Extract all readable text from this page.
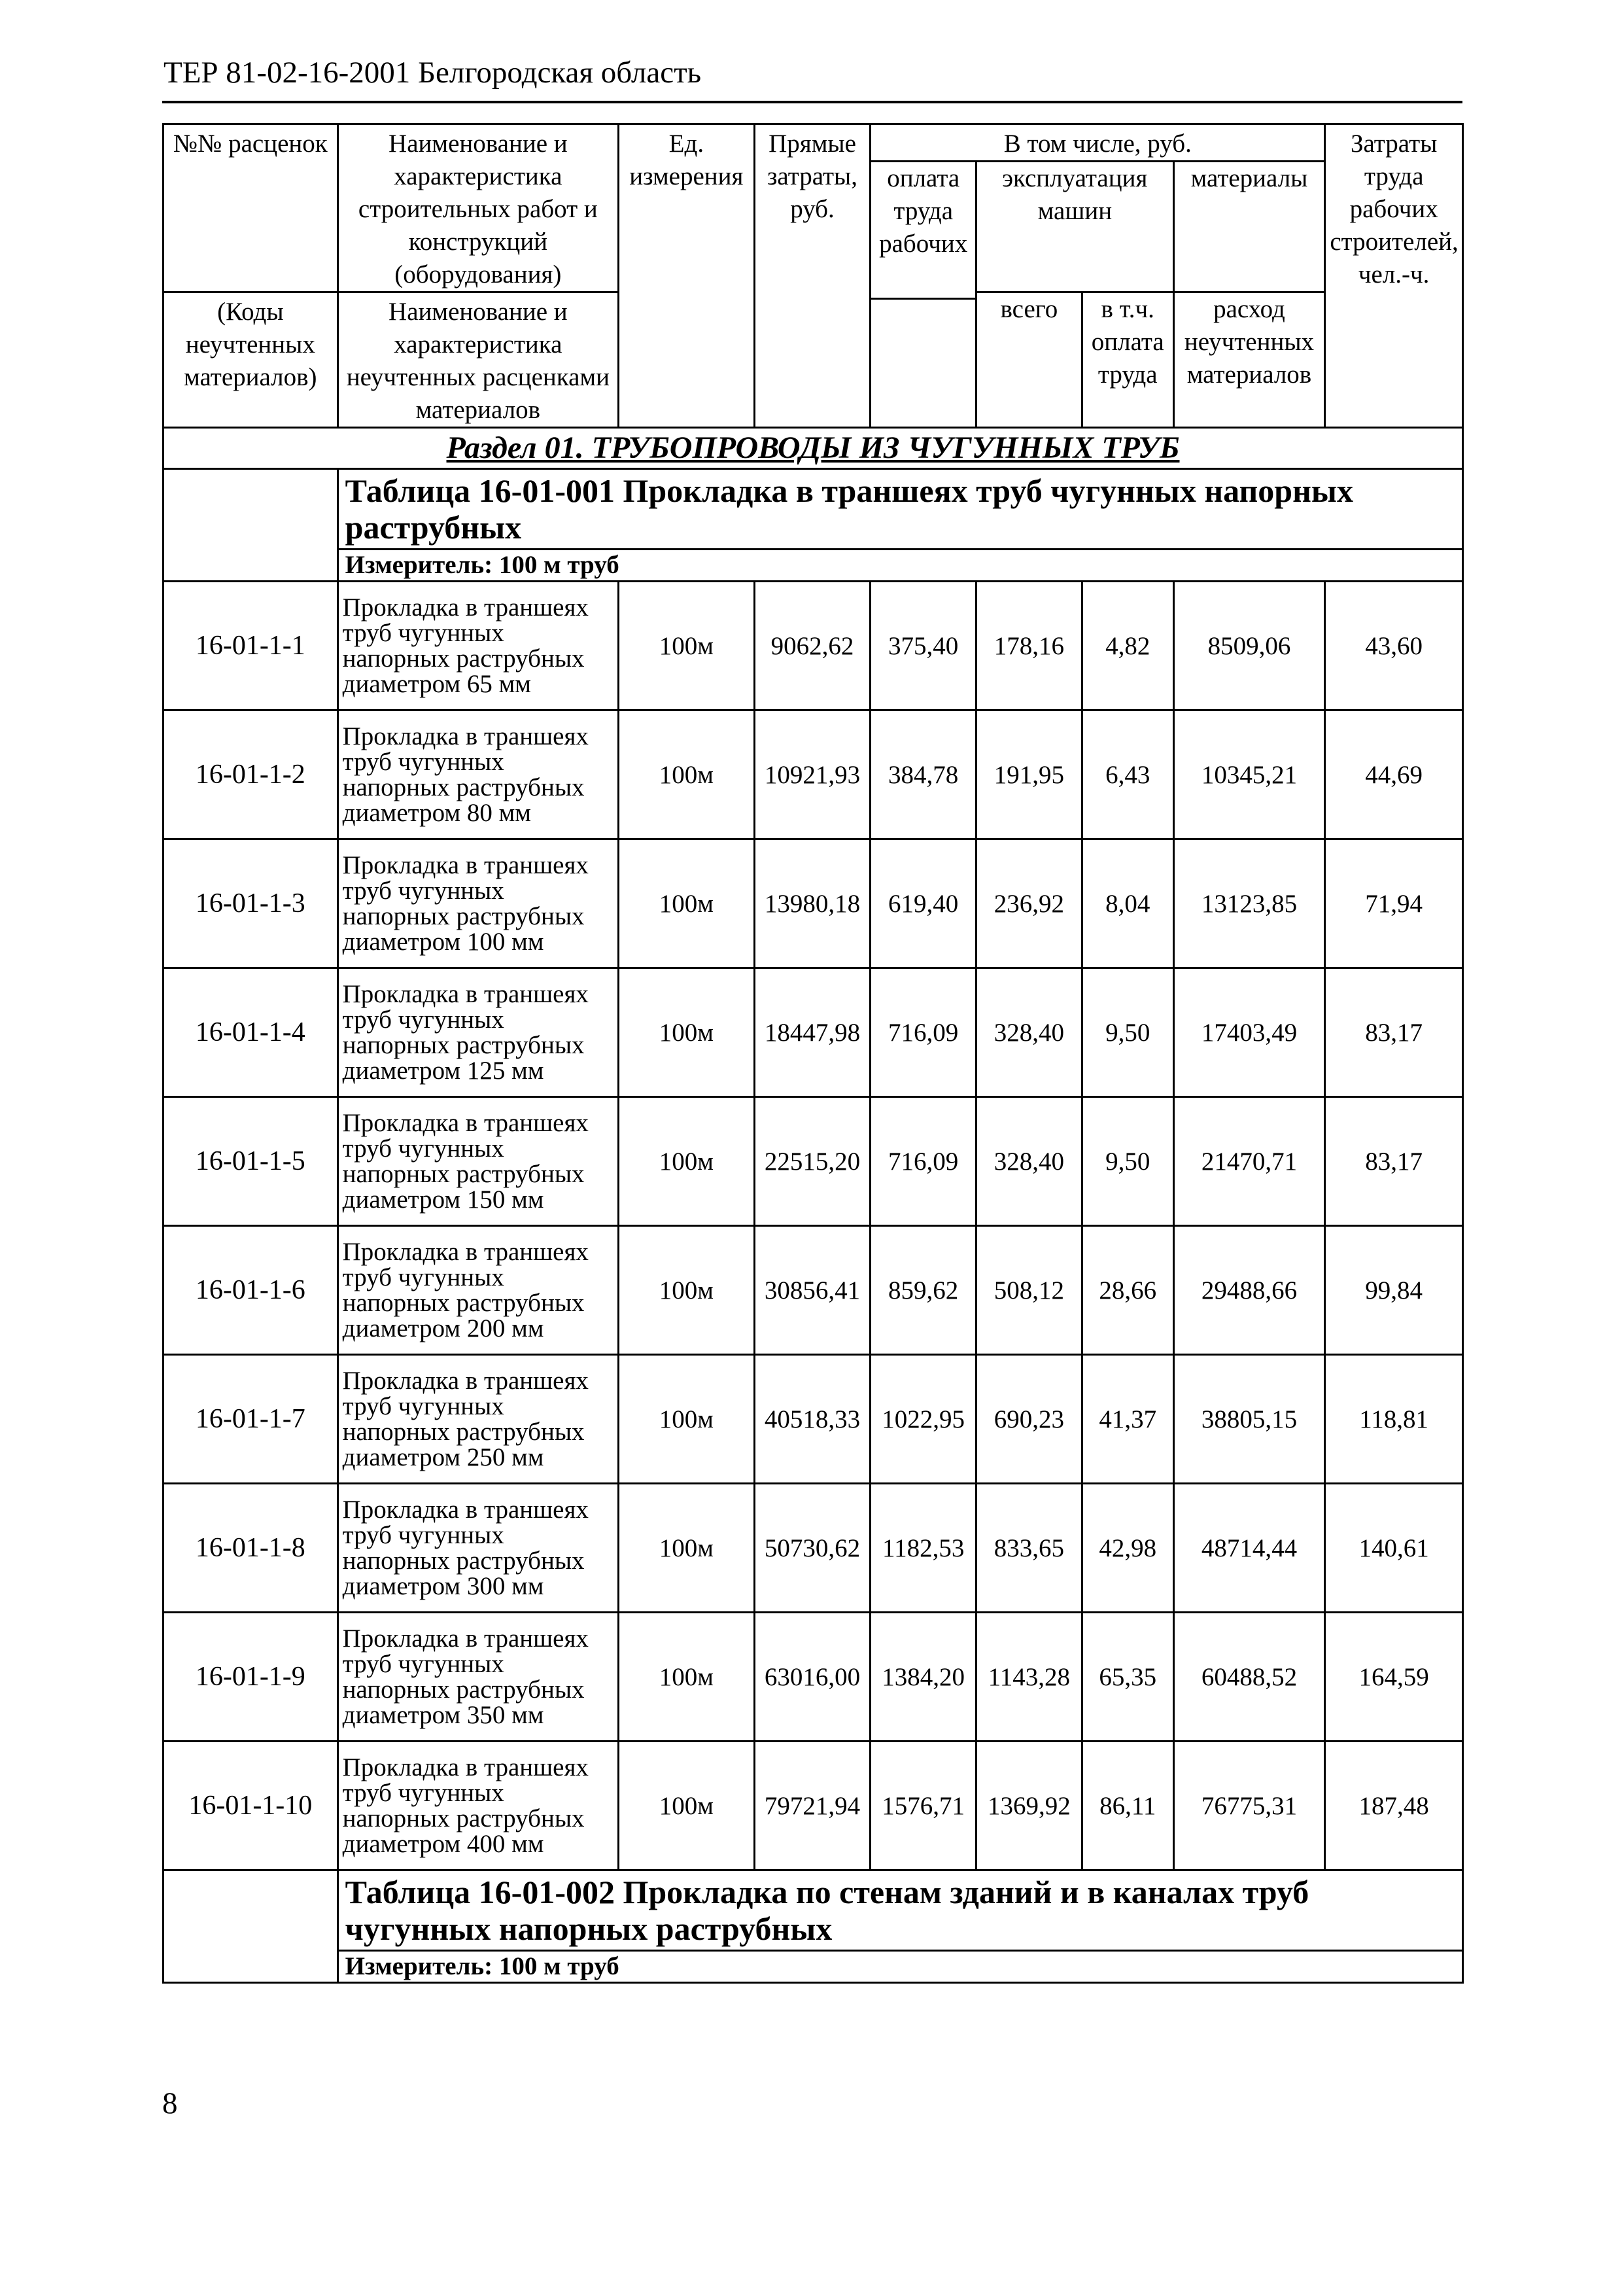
ТЕР 81-02-16-2001 Белгородская область
№№ расценок	Наименование и характеристика строительных работ и конструкций (оборудования)	Ед. измерения	Прямые затраты, руб.	В том числе, руб.				Затраты труда рабочих строителей, чел.-ч.
				оплата труда рабочих	эксплуатация машин		материалы	

(Коды неучтенных материалов)	Наименование и характеристика неучтенных расценками материалов				всего	в т.ч. оплата труда	расход неучтенных материалов	

Раздел 01. ТРУБОПРОВОДЫ ИЗ ЧУГУННЫХ ТРУБ								
	Таблица 16-01-001 Прокладка в траншеях труб чугунных напорных раструбных							
	Измеритель: 100 м труб							
16-01-1-1	Прокладка в траншеях труб чугунных напорных раструбных диаметром 65 мм	100м	9062,62	375,40	178,16	4,82	8509,06	43,60
16-01-1-2	Прокладка в траншеях труб чугунных напорных раструбных диаметром 80 мм	100м	10921,93	384,78	191,95	6,43	10345,21	44,69
16-01-1-3	Прокладка в траншеях труб чугунных напорных раструбных диаметром 100 мм	100м	13980,18	619,40	236,92	8,04	13123,85	71,94
16-01-1-4	Прокладка в траншеях труб чугунных напорных раструбных диаметром 125 мм	100м	18447,98	716,09	328,40	9,50	17403,49	83,17
16-01-1-5	Прокладка в траншеях труб чугунных напорных раструбных диаметром 150 мм	100м	22515,20	716,09	328,40	9,50	21470,71	83,17
16-01-1-6	Прокладка в траншеях труб чугунных напорных раструбных диаметром 200 мм	100м	30856,41	859,62	508,12	28,66	29488,66	99,84
16-01-1-7	Прокладка в траншеях труб чугунных напорных раструбных диаметром 250 мм	100м	40518,33	1022,95	690,23	41,37	38805,15	118,81
16-01-1-8	Прокладка в траншеях труб чугунных напорных раструбных диаметром 300 мм	100м	50730,62	1182,53	833,65	42,98	48714,44	140,61
16-01-1-9	Прокладка в траншеях труб чугунных напорных раструбных диаметром 350 мм	100м	63016,00	1384,20	1143,28	65,35	60488,52	164,59
16-01-1-10	Прокладка в траншеях труб чугунных напорных раструбных диаметром 400 мм	100м	79721,94	1576,71	1369,92	86,11	76775,31	187,48
	Таблица 16-01-002 Прокладка по стенам зданий и в каналах труб чугунных напорных раструбных							
	Измеритель: 100 м труб							
8
